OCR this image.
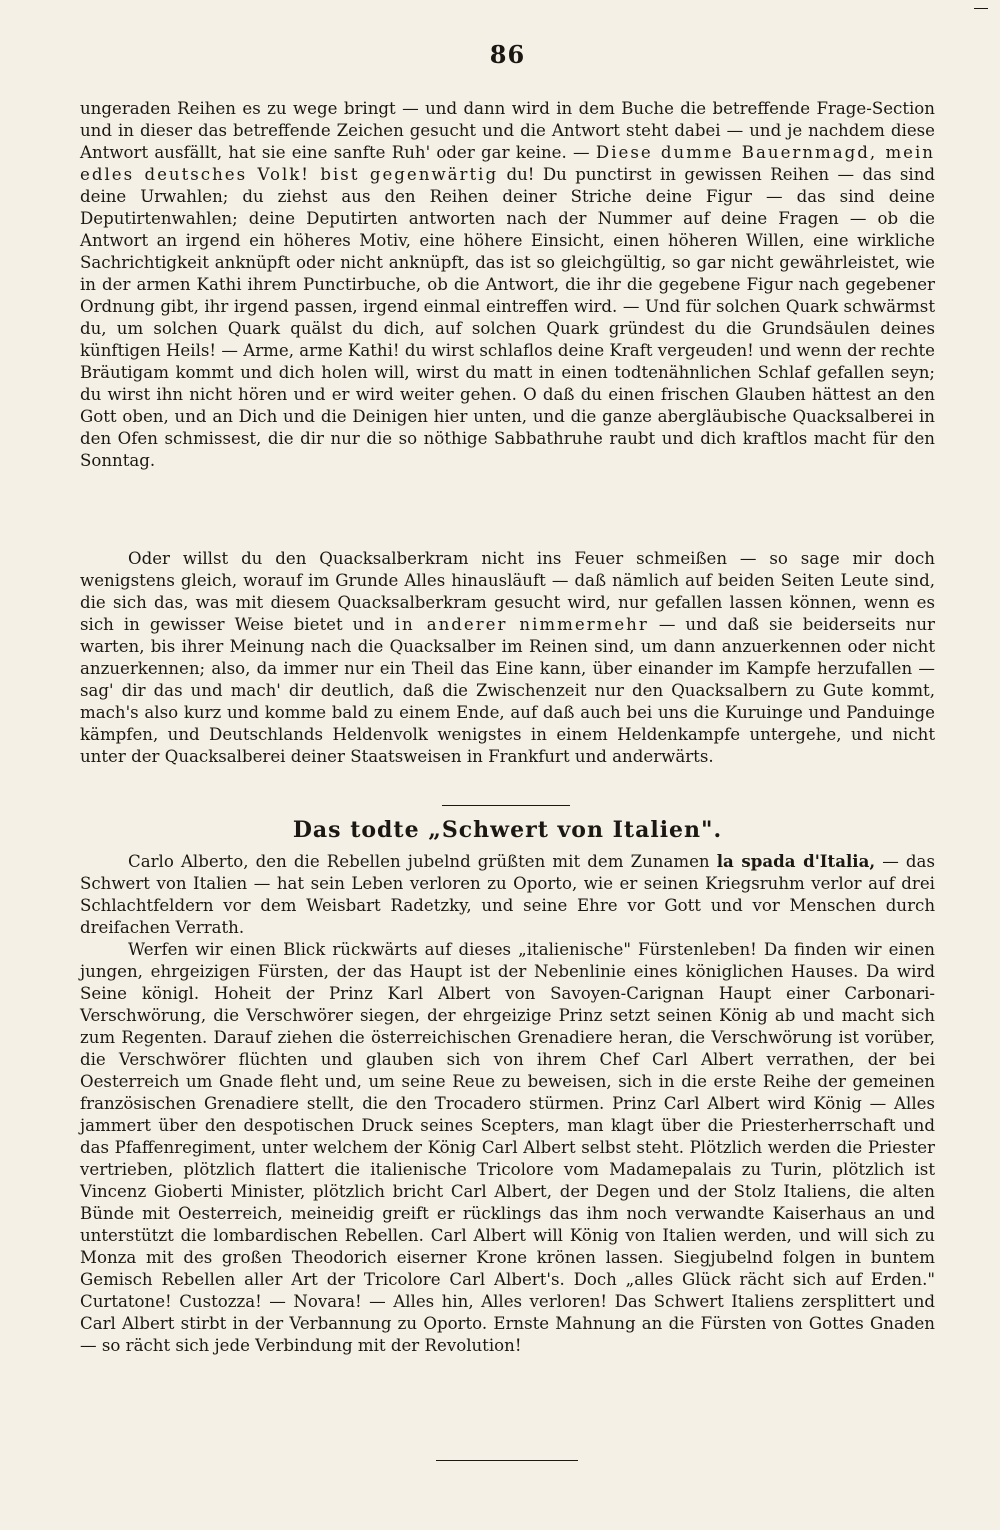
86

ungeraden Reihen es zu wege bringt — und dann wird in dem Buche die betreffende Frage-Section und in dieser das betreffende Zeichen gesucht und die Antwort steht dabei — und je nachdem diese Antwort ausfällt, hat sie eine sanfte Ruh' oder gar keine. — Diese dumme Bauernmagd, mein edles deutsches Volk! bist gegenwärtig du! Du punctirst in gewissen Reihen — das sind deine Urwahlen; du ziehst aus den Reihen deiner Striche deine Figur — das sind deine Deputirtenwahlen; deine Deputirten antworten nach der Nummer auf deine Fragen — ob die Antwort an irgend ein höheres Motiv, eine höhere Einsicht, einen höheren Willen, eine wirkliche Sachrichtigkeit anknüpft oder nicht anknüpft, das ist so gleichgültig, so gar nicht gewährleistet, wie in der armen Kathi ihrem Punctirbuche, ob die Antwort, die ihr die gegebene Figur nach gegebener Ordnung gibt, ihr irgend passen, irgend einmal eintreffen wird. — Und für solchen Quark schwärmst du, um solchen Quark quälst du dich, auf solchen Quark gründest du die Grundsäulen deines künftigen Heils! — Arme, arme Kathi! du wirst schlaflos deine Kraft vergeuden! und wenn der rechte Bräutigam kommt und dich holen will, wirst du matt in einen todtenähnlichen Schlaf gefallen seyn; du wirst ihn nicht hören und er wird weiter gehen. O daß du einen frischen Glauben hättest an den Gott oben, und an Dich und die Deinigen hier unten, und die ganze abergläubische Quacksalberei in den Ofen schmissest, die dir nur die so nöthige Sabbathruhe raubt und dich kraftlos macht für den Sonntag.

Oder willst du den Quacksalberkram nicht ins Feuer schmeißen — so sage mir doch wenigstens gleich, worauf im Grunde Alles hinausläuft — daß nämlich auf beiden Seiten Leute sind, die sich das, was mit diesem Quacksalberkram gesucht wird, nur gefallen lassen können, wenn es sich in gewisser Weise bietet und in anderer nimmermehr — und daß sie beiderseits nur warten, bis ihrer Meinung nach die Quacksalber im Reinen sind, um dann anzuerkennen oder nicht anzuerkennen; also, da immer nur ein Theil das Eine kann, über einander im Kampfe herzufallen — sag' dir das und mach' dir deutlich, daß die Zwischenzeit nur den Quacksalbern zu Gute kommt, mach's also kurz und komme bald zu einem Ende, auf daß auch bei uns die Kuruinge und Panduinge kämpfen, und Deutschlands Heldenvolk wenigstes in einem Heldenkampfe untergehe, und nicht unter der Quacksalberei deiner Staatsweisen in Frankfurt und anderwärts.

Das todte „Schwert von Italien".

Carlo Alberto, den die Rebellen jubelnd grüßten mit dem Zunamen la spada d'Italia, — das Schwert von Italien — hat sein Leben verloren zu Oporto, wie er seinen Kriegsruhm verlor auf drei Schlachtfeldern vor dem Weisbart Radetzky, und seine Ehre vor Gott und vor Menschen durch dreifachen Verrath.

Werfen wir einen Blick rückwärts auf dieses „italienische" Fürstenleben! Da finden wir einen jungen, ehrgeizigen Fürsten, der das Haupt ist der Nebenlinie eines königlichen Hauses. Da wird Seine königl. Hoheit der Prinz Karl Albert von Savoyen-Carignan Haupt einer Carbonari-Verschwörung, die Verschwörer siegen, der ehrgeizige Prinz setzt seinen König ab und macht sich zum Regenten. Darauf ziehen die österreichischen Grenadiere heran, die Verschwörung ist vorüber, die Verschwörer flüchten und glauben sich von ihrem Chef Carl Albert verrathen, der bei Oesterreich um Gnade fleht und, um seine Reue zu beweisen, sich in die erste Reihe der gemeinen französischen Grenadiere stellt, die den Trocadero stürmen. Prinz Carl Albert wird König — Alles jammert über den despotischen Druck seines Scepters, man klagt über die Priesterherrschaft und das Pfaffenregiment, unter welchem der König Carl Albert selbst steht. Plötzlich werden die Priester vertrieben, plötzlich flattert die italienische Tricolore vom Madamepalais zu Turin, plötzlich ist Vincenz Gioberti Minister, plötzlich bricht Carl Albert, der Degen und der Stolz Italiens, die alten Bünde mit Oesterreich, meineidig greift er rücklings das ihm noch verwandte Kaiserhaus an und unterstützt die lombardischen Rebellen. Carl Albert will König von Italien werden, und will sich zu Monza mit des großen Theodorich eiserner Krone krönen lassen. Siegjubelnd folgen in buntem Gemisch Rebellen aller Art der Tricolore Carl Albert's. Doch „alles Glück rächt sich auf Erden." Curtatone! Custozza! — Novara! — Alles hin, Alles verloren! Das Schwert Italiens zersplittert und Carl Albert stirbt in der Verbannung zu Oporto. Ernste Mahnung an die Fürsten von Gottes Gnaden — so rächt sich jede Verbindung mit der Revolution!
